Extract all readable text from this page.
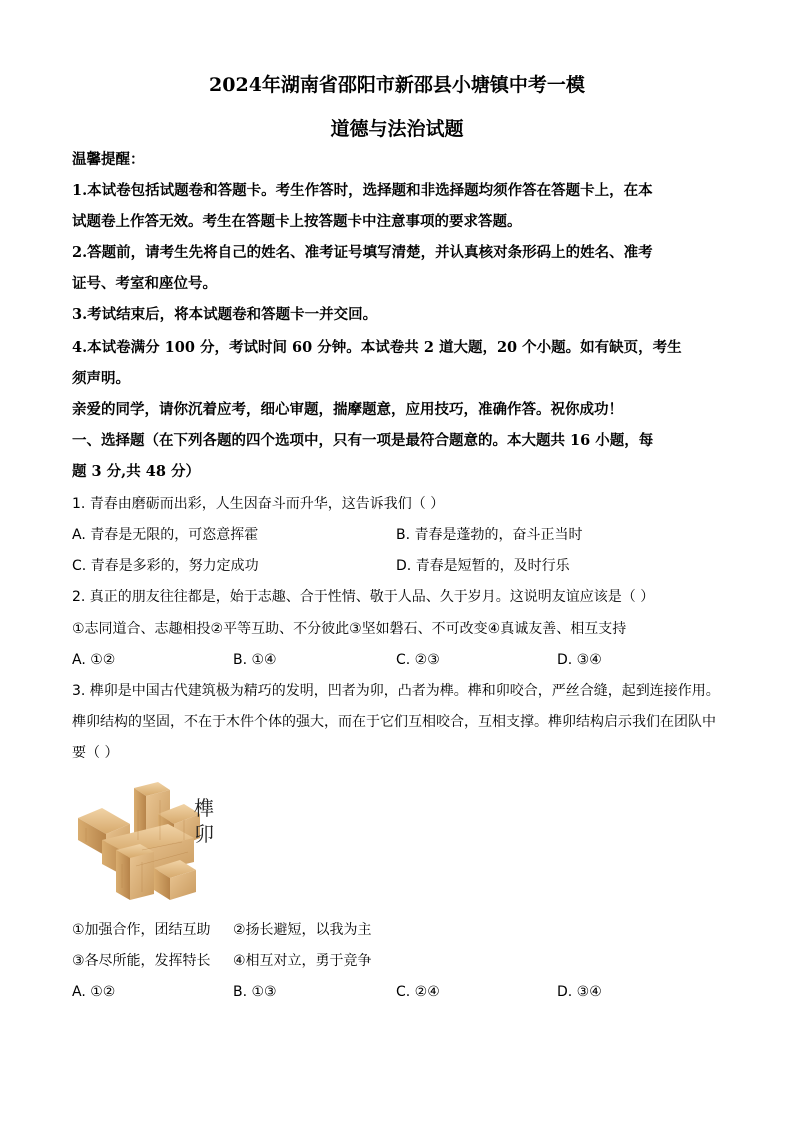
2024年湖南省邵阳市新邵县小塘镇中考一模
道德与法治试题
温馨提醒：
1.本试卷包括试题卷和答题卡。考生作答时，选择题和非选择题均须作答在答题卡上，在本
试题卷上作答无效。考生在答题卡上按答题卡中注意事项的要求答题。
2.答题前，请考生先将自己的姓名、准考证号填写清楚，并认真核对条形码上的姓名、准考
证号、考室和座位号。
3.考试结束后，将本试题卷和答题卡一并交回。
4.本试卷满分 100 分，考试时间 60 分钟。本试卷共 2 道大题，20 个小题。如有缺页，考生
须声明。
亲爱的同学，请你沉着应考，细心审题，揣摩题意，应用技巧，准确作答。祝你成功！
一、选择题（在下列各题的四个选项中，只有一项是最符合题意的。本大题共 16 小题，每
题 3 分,共 48 分）
1. 青春由磨砺而出彩，人生因奋斗而升华，这告诉我们（ ）
A. 青春是无限的，可恣意挥霍	B. 青春是蓬勃的，奋斗正当时
C. 青春是多彩的，努力定成功	D. 青春是短暂的，及时行乐
2. 真正的朋友往往都是，始于志趣、合于性情、敬于人品、久于岁月。这说明友谊应该是（ ）
①志同道合、志趣相投②平等互助、不分彼此③坚如磐石、不可改变④真诚友善、相互支持
A. ①②	B. ①④	C. ②③	D. ③④
3. 榫卯是中国古代建筑极为精巧的发明，凹者为卯，凸者为榫。榫和卯咬合，严丝合缝，起到连接作用。
榫卯结构的坚固，不在于木件个体的强大，而在于它们互相咬合，互相支撑。榫卯结构启示我们在团队中
要（ ）
榫
卯
①加强合作，团结互助 ②扬长避短，以我为主
③各尽所能，发挥特长 ④相互对立，勇于竞争
A. ①②	B. ①③	C. ②④	D. ③④
